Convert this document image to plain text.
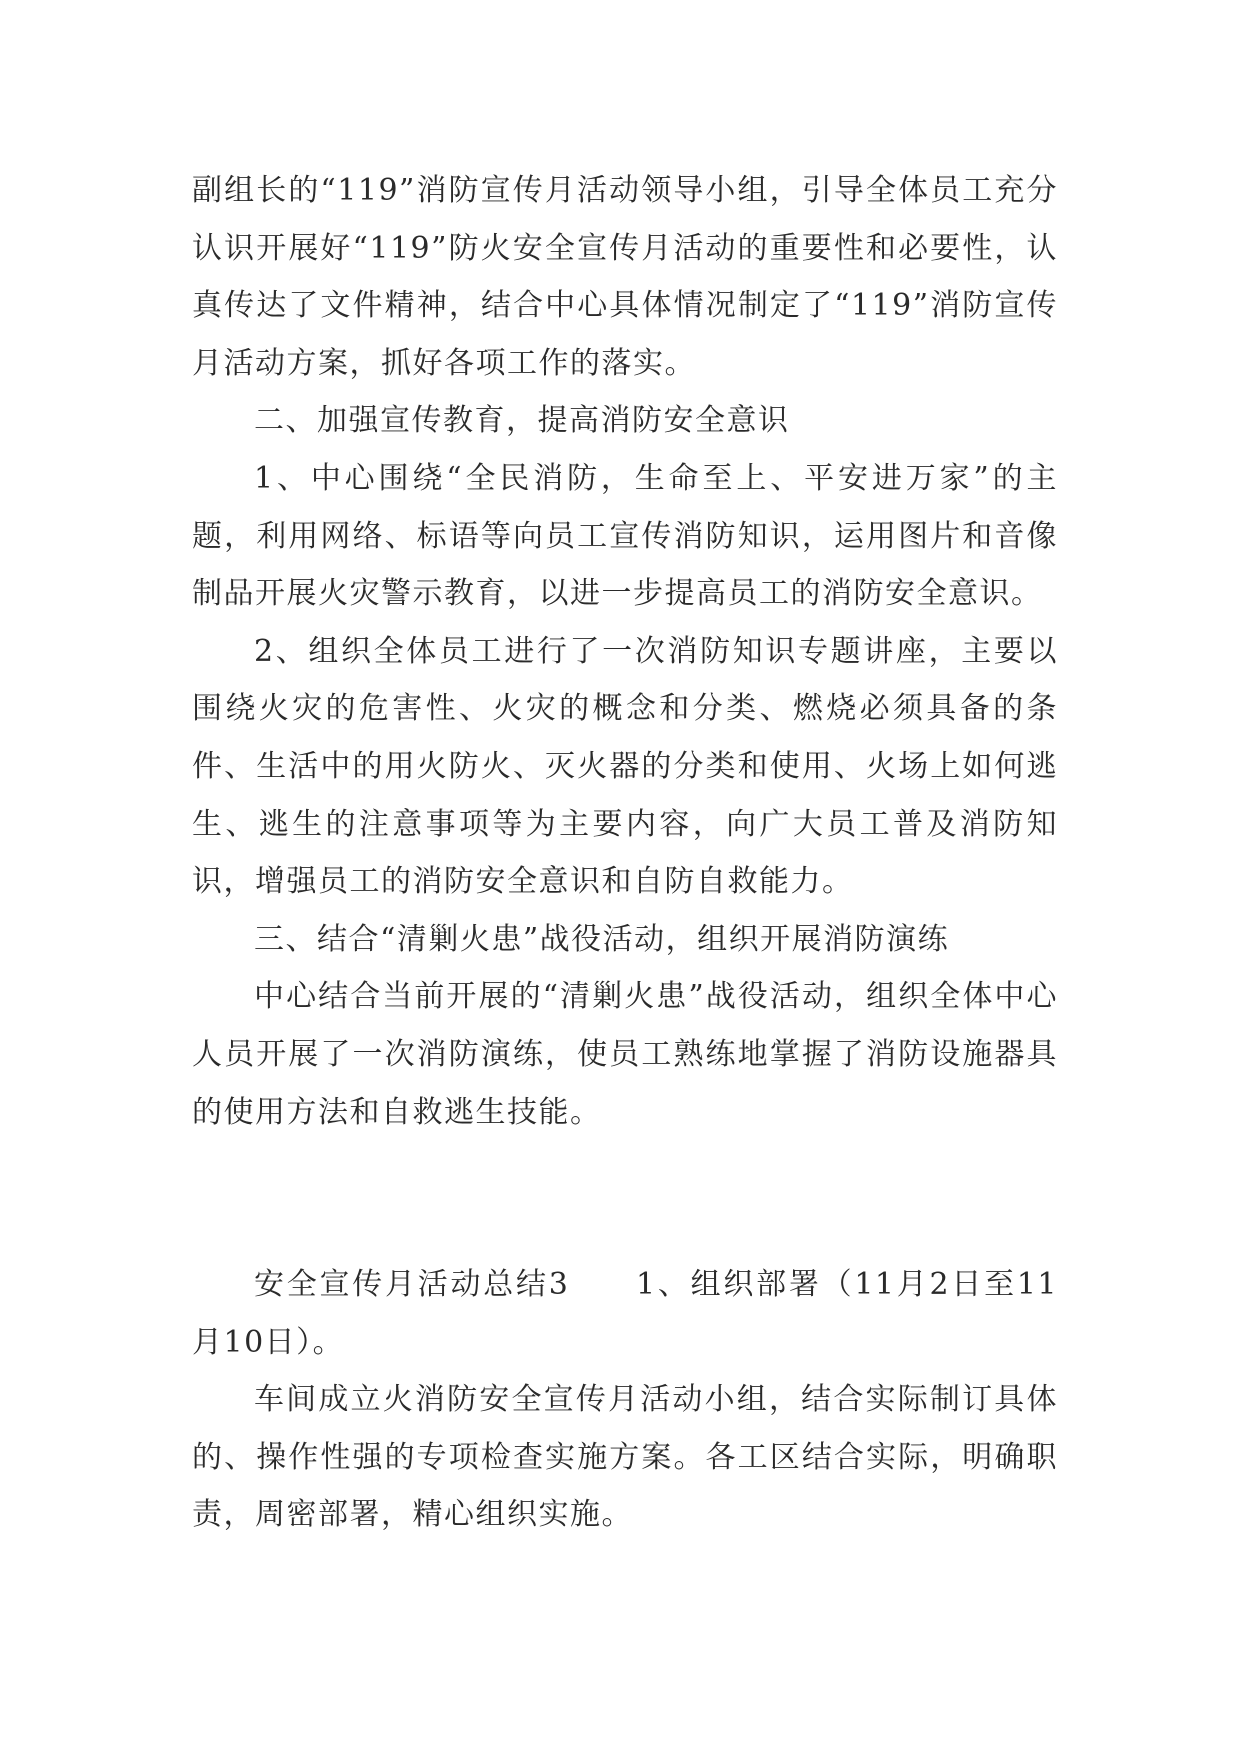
副组长的“119”消防宣传月活动领导小组，引导全体员工充分认识开展好“119”防火安全宣传月活动的重要性和必要性，认真传达了文件精神，结合中心具体情况制定了“119”消防宣传月活动方案，抓好各项工作的落实。

二、加强宣传教育，提高消防安全意识

1、中心围绕“全民消防，生命至上、平安进万家”的主题，利用网络、标语等向员工宣传消防知识，运用图片和音像制品开展火灾警示教育，以进一步提高员工的消防安全意识。

2、组织全体员工进行了一次消防知识专题讲座，主要以围绕火灾的危害性、火灾的概念和分类、燃烧必须具备的条件、生活中的用火防火、灭火器的分类和使用、火场上如何逃生、逃生的注意事项等为主要内容，向广大员工普及消防知识，增强员工的消防安全意识和自防自救能力。

三、结合“清剿火患”战役活动，组织开展消防演练

中心结合当前开展的“清剿火患”战役活动，组织全体中心人员开展了一次消防演练，使员工熟练地掌握了消防设施器具的使用方法和自救逃生技能。

安全宣传月活动总结3　　1、组织部署（11月2日至11月10日）。

车间成立火消防安全宣传月活动小组，结合实际制订具体的、操作性强的专项检查实施方案。各工区结合实际，明确职责，周密部署，精心组织实施。
